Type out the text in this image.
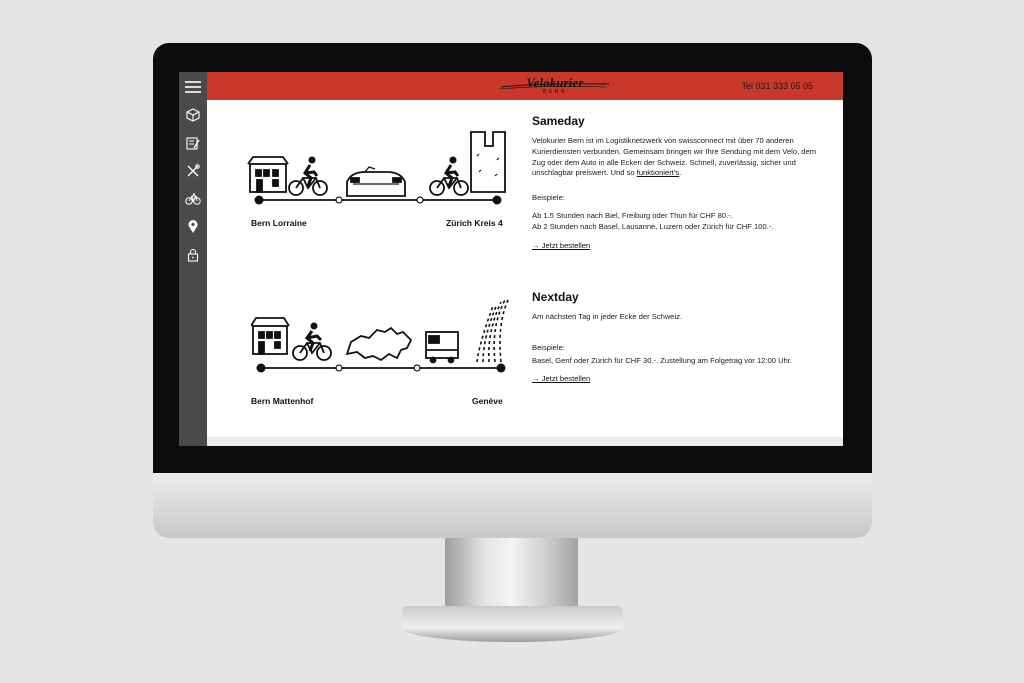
Velokurier
BERN
Tel 031 333 05 05
Bern Lorraine	Zürich Kreis 4
Sameday

Velokurier Bern ist im Logistiknetzwerk von swissconnect mit über 70 anderen Kurierdiensten verbunden. Gemeinsam bringen wir Ihre Sendung mit dem Velo, dem Zug oder dem Auto in alle Ecken der Schweiz. Schnell, zuverlässig, sicher und unschlagbar preiswert. Und so funktioniert's.

Beispiele:

Ab 1.5 Stunden nach Biel, Freiburg oder Thun für CHF 80.-.

Ab 2 Stunden nach Basel, Lausanne, Luzern oder Zürich für CHF 100.-.

→ Jetzt bestellen
Bern Mattenhof	Genève
Nextday

Am nächsten Tag in jeder Ecke der Schweiz.

Beispiele:

Basel, Genf oder Zürich für CHF 30.-. Zustellung am Folgetrag vor 12:00 Uhr.

→ Jetzt bestellen
